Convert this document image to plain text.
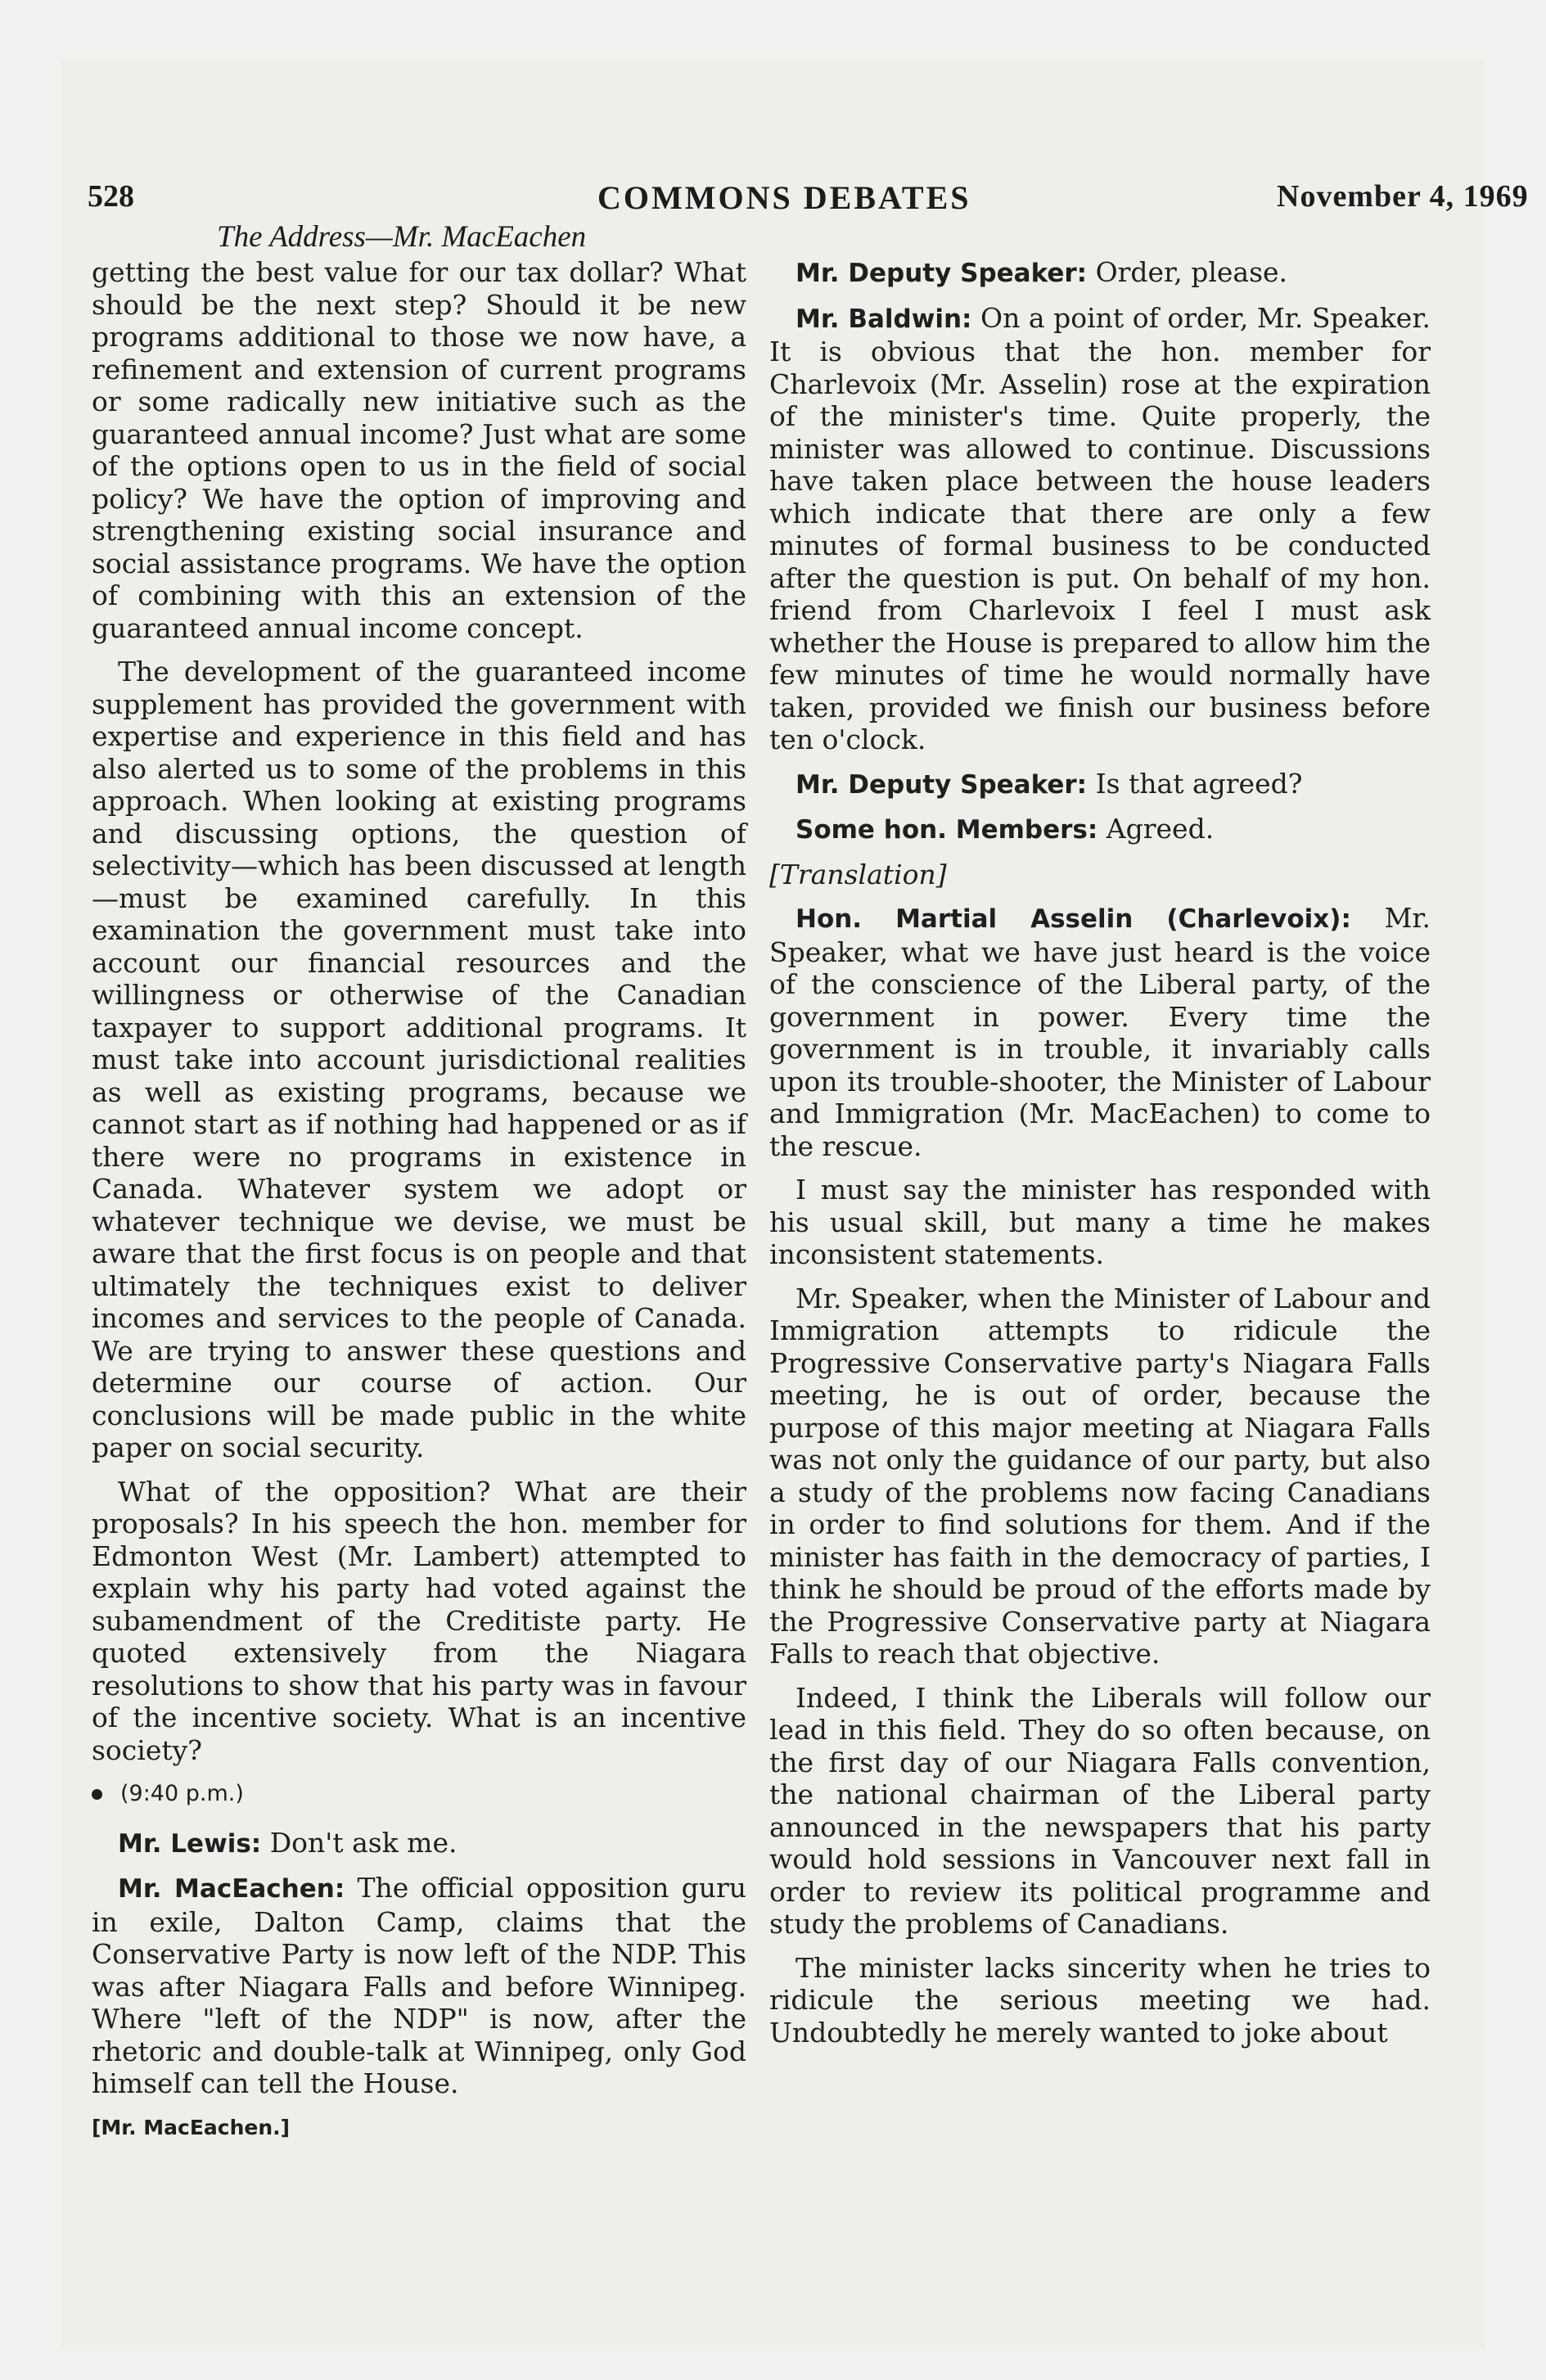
528	COMMONS DEBATES	November 4, 1969
The Address—Mr. MacEachen

getting the best value for our tax dollar? What should be the next step? Should it be new programs additional to those we now have, a refinement and extension of current programs or some radically new initiative such as the guaranteed annual income? Just what are some of the options open to us in the field of social policy? We have the option of improving and strengthening existing social insurance and social assistance programs. We have the option of combining with this an extension of the guaranteed annual income concept.

The development of the guaranteed income supplement has provided the government with expertise and experience in this field and has also alerted us to some of the problems in this approach. When looking at existing programs and discussing options, the question of selectivity—which has been discussed at length—must be examined carefully. In this examination the government must take into account our financial resources and the willingness or otherwise of the Canadian taxpayer to support additional programs. It must take into account jurisdictional realities as well as existing programs, because we cannot start as if nothing had happened or as if there were no programs in existence in Canada. Whatever system we adopt or whatever technique we devise, we must be aware that the first focus is on people and that ultimately the techniques exist to deliver incomes and services to the people of Canada. We are trying to answer these questions and determine our course of action. Our conclusions will be made public in the white paper on social security.

What of the opposition? What are their proposals? In his speech the hon. member for Edmonton West (Mr. Lambert) attempted to explain why his party had voted against the subamendment of the Creditiste party. He quoted extensively from the Niagara resolutions to show that his party was in favour of the incentive society. What is an incentive society?

(9:40 p.m.)

Mr. Lewis: Don't ask me.

Mr. MacEachen: The official opposition guru in exile, Dalton Camp, claims that the Conservative Party is now left of the NDP. This was after Niagara Falls and before Winnipeg. Where "left of the NDP" is now, after the rhetoric and double-talk at Winnipeg, only God himself can tell the House.

[Mr. MacEachen.]

Mr. Deputy Speaker: Order, please.

Mr. Baldwin: On a point of order, Mr. Speaker. It is obvious that the hon. member for Charlevoix (Mr. Asselin) rose at the expiration of the minister's time. Quite properly, the minister was allowed to continue. Discussions have taken place between the house leaders which indicate that there are only a few minutes of formal business to be conducted after the question is put. On behalf of my hon. friend from Charlevoix I feel I must ask whether the House is prepared to allow him the few minutes of time he would normally have taken, provided we finish our business before ten o'clock.

Mr. Deputy Speaker: Is that agreed?

Some hon. Members: Agreed.

[Translation]

Hon. Martial Asselin (Charlevoix): Mr. Speaker, what we have just heard is the voice of the conscience of the Liberal party, of the government in power. Every time the government is in trouble, it invariably calls upon its trouble-shooter, the Minister of Labour and Immigration (Mr. MacEachen) to come to the rescue.

I must say the minister has responded with his usual skill, but many a time he makes inconsistent statements.

Mr. Speaker, when the Minister of Labour and Immigration attempts to ridicule the Progressive Conservative party's Niagara Falls meeting, he is out of order, because the purpose of this major meeting at Niagara Falls was not only the guidance of our party, but also a study of the problems now facing Canadians in order to find solutions for them. And if the minister has faith in the democracy of parties, I think he should be proud of the efforts made by the Progressive Conservative party at Niagara Falls to reach that objective.

Indeed, I think the Liberals will follow our lead in this field. They do so often because, on the first day of our Niagara Falls convention, the national chairman of the Liberal party announced in the newspapers that his party would hold sessions in Vancouver next fall in order to review its political programme and study the problems of Canadians.

The minister lacks sincerity when he tries to ridicule the serious meeting we had. Undoubtedly he merely wanted to joke about
